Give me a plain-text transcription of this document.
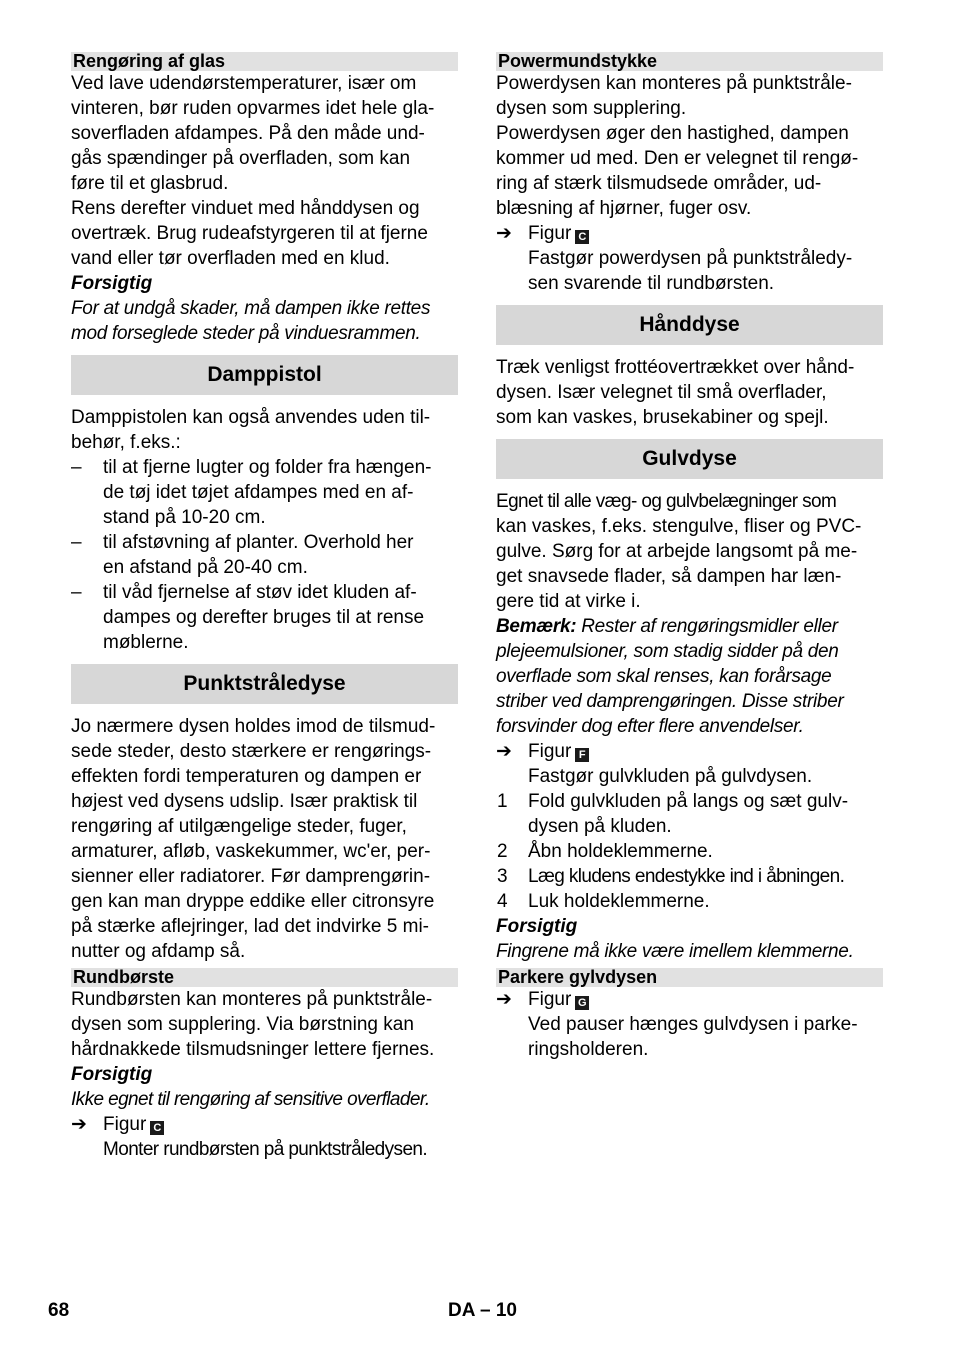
Rengøring af glas

Ved lave udendørstemperaturer, især om
vinteren, bør ruden opvarmes idet hele gla-
soverfladen afdampes. På den måde und-
gås spændinger på overfladen, som kan
føre til et glasbrud.

Rens derefter vinduet med hånddysen og
overtræk. Brug rudeafstyrgeren til at fjerne
vand eller tør overfladen med en klud.

Forsigtig

For at undgå skader, må dampen ikke rettes
mod forseglede steder på vinduesrammen.

Damppistol

Damppistolen kan også anvendes uden til-
behør, f.eks.:

– til at fjerne lugter og folder fra hængen-
de tøj idet tøjet afdampes med en af-
stand på 10-20 cm.
– til afstøvning af planter. Overhold her
en afstand på 20-40 cm.
– til våd fjernelse af støv idet kluden af-
dampes og derefter bruges til at rense
møblerne.
Punktstråledyse

Jo nærmere dysen holdes imod de tilsmud-
sede steder, desto stærkere er rengørings-
effekten fordi temperaturen og dampen er
højest ved dysens udslip. Især praktisk til
rengøring af utilgængelige steder, fuger,
armaturer, afløb, vaskekummer, wc'er, per-
sienner eller radiatorer. Før damprengørin-
gen kan man dryppe eddike eller citronsyre
på stærke aflejringer, lad det indvirke 5 mi-
nutter og afdamp så.

Rundbørste

Rundbørsten kan monteres på punktstråle-
dysen som supplering. Via børstning kan
hårdnakkede tilsmudsninger lettere fjernes.

Forsigtig

Ikke egnet til rengøring af sensitive overflader.

➔ Figur C

Monter rundbørsten på punktstråledysen.

Powermundstykke

Powerdysen kan monteres på punktstråle-
dysen som supplering.

Powerdysen øger den hastighed, dampen
kommer ud med. Den er velegnet til rengø-
ring af stærk tilsmudsede områder, ud-
blæsning af hjørner, fuger osv.

➔ Figur C

Fastgør powerdysen på punktstråledy-
sen svarende til rundbørsten.

Hånddyse

Træk venligst frottéovertrækket over hånd-
dysen. Især velegnet til små overflader,
som kan vaskes, brusekabiner og spejl.

Gulvdyse

Egnet til alle væg- og gulvbelægninger som
kan vaskes, f.eks. stengulve, fliser og PVC-
gulve. Sørg for at arbejde langsomt på me-
get snavsede flader, så dampen har læn-
gere tid at virke i.

Bemærk: Rester af rengøringsmidler eller
plejeemulsioner, som stadig sidder på den
overflade som skal renses, kan forårsage
striber ved damprengøringen. Disse striber
forsvinder dog efter flere anvendelser.

➔ Figur F

Fastgør gulvkluden på gulvdysen.

1 Fold gulvkluden på langs og sæt gulv-
dysen på kluden.
2 Åbn holdeklemmerne.
3 Læg kludens endestykke ind i åbningen.
4 Luk holdeklemmerne.

Forsigtig

Fingrene må ikke være imellem klemmerne.

Parkere gylvdysen
➔ Figur G

Ved pauser hænges gulvdysen i parke-
ringsholderen.

68	DA – 10
